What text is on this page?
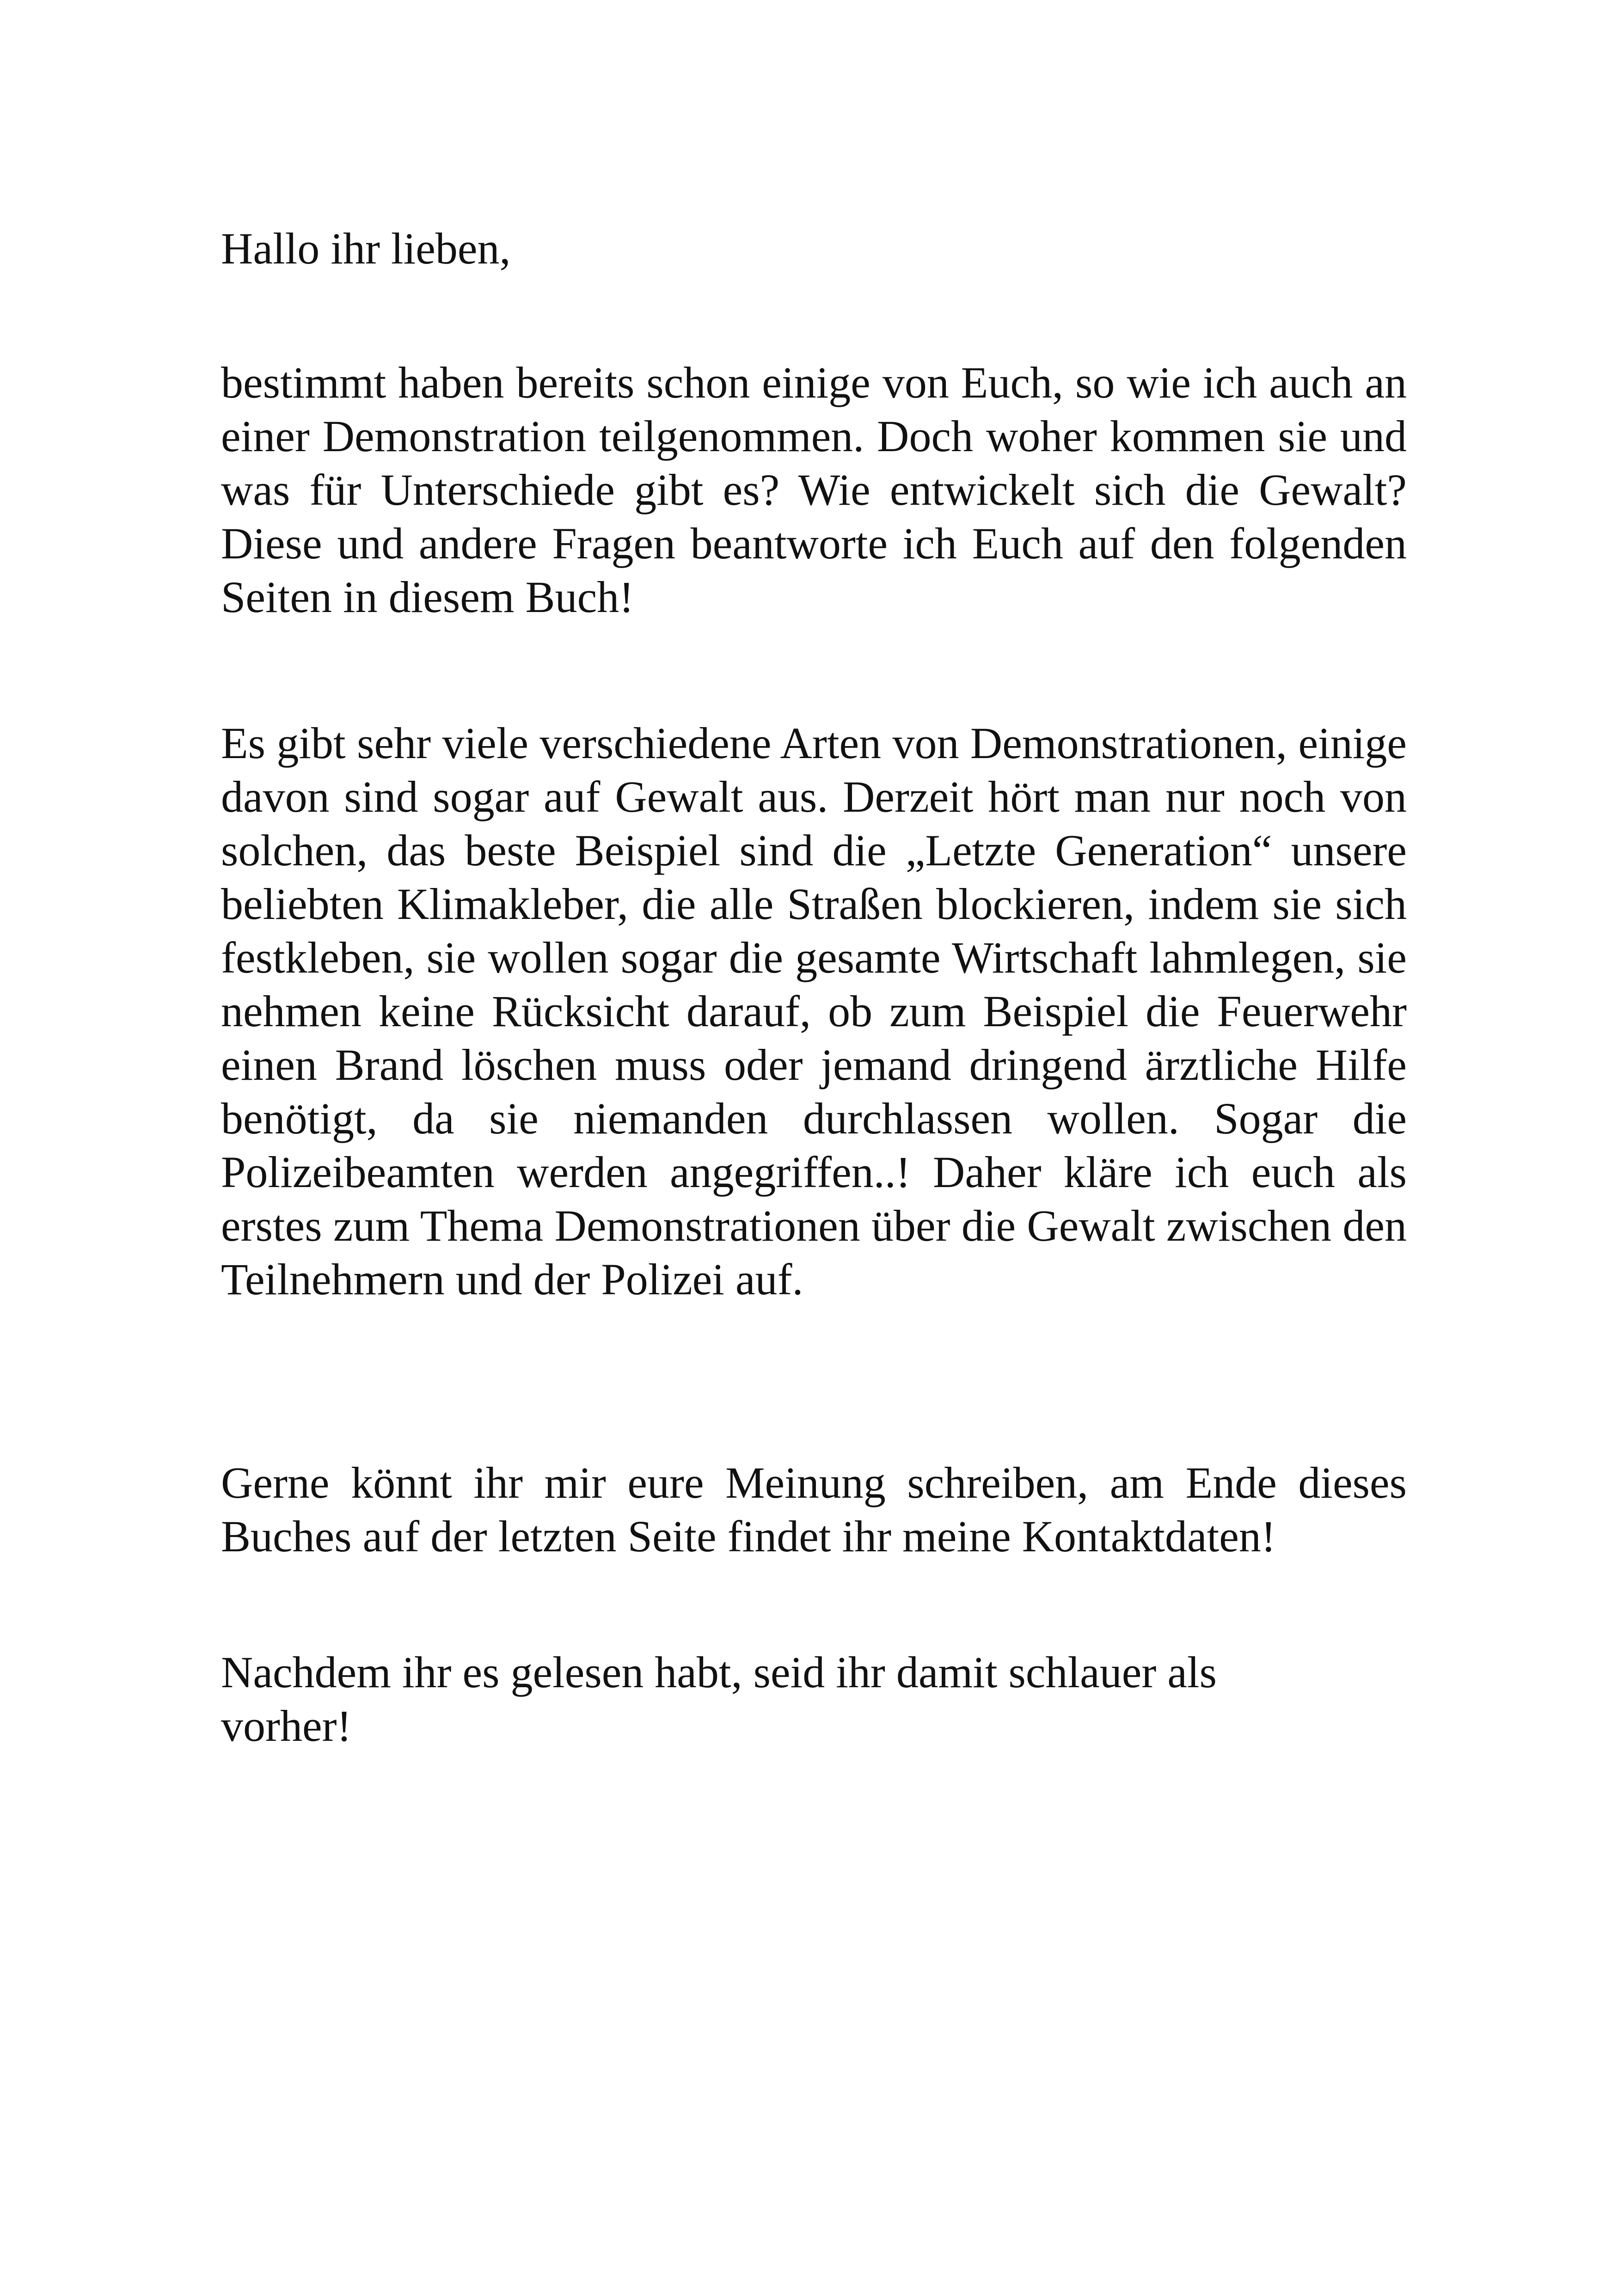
Hallo ihr lieben,

bestimmt haben bereits schon einige von Euch, so wie ich auch an einer Demonstration teilgenommen. Doch woher kommen sie und was für Unterschiede gibt es? Wie entwickelt sich die Gewalt? Diese und andere Fragen beantworte ich Euch auf den folgenden Seiten in diesem Buch!

Es gibt sehr viele verschiedene Arten von Demonstrationen, einige davon sind sogar auf Gewalt aus. Derzeit hört man nur noch von solchen, das beste Beispiel sind die „Letzte Generation“ unsere beliebten Klimakleber, die alle Straßen blockieren, indem sie sich festkleben, sie wollen sogar die gesamte Wirtschaft lahmlegen, sie nehmen keine Rücksicht darauf, ob zum Beispiel die Feuerwehr einen Brand löschen muss oder jemand dringend ärztliche Hilfe benötigt, da sie niemanden durchlassen wollen. Sogar die Polizeibeamten werden angegriffen..! Daher kläre ich euch als erstes zum Thema Demonstrationen über die Gewalt zwischen den Teilnehmern und der Polizei auf.

Gerne könnt ihr mir eure Meinung schreiben, am Ende dieses Buches auf der letzten Seite findet ihr meine Kontaktdaten!

Nachdem ihr es gelesen habt, seid ihr damit schlauer als vorher!
